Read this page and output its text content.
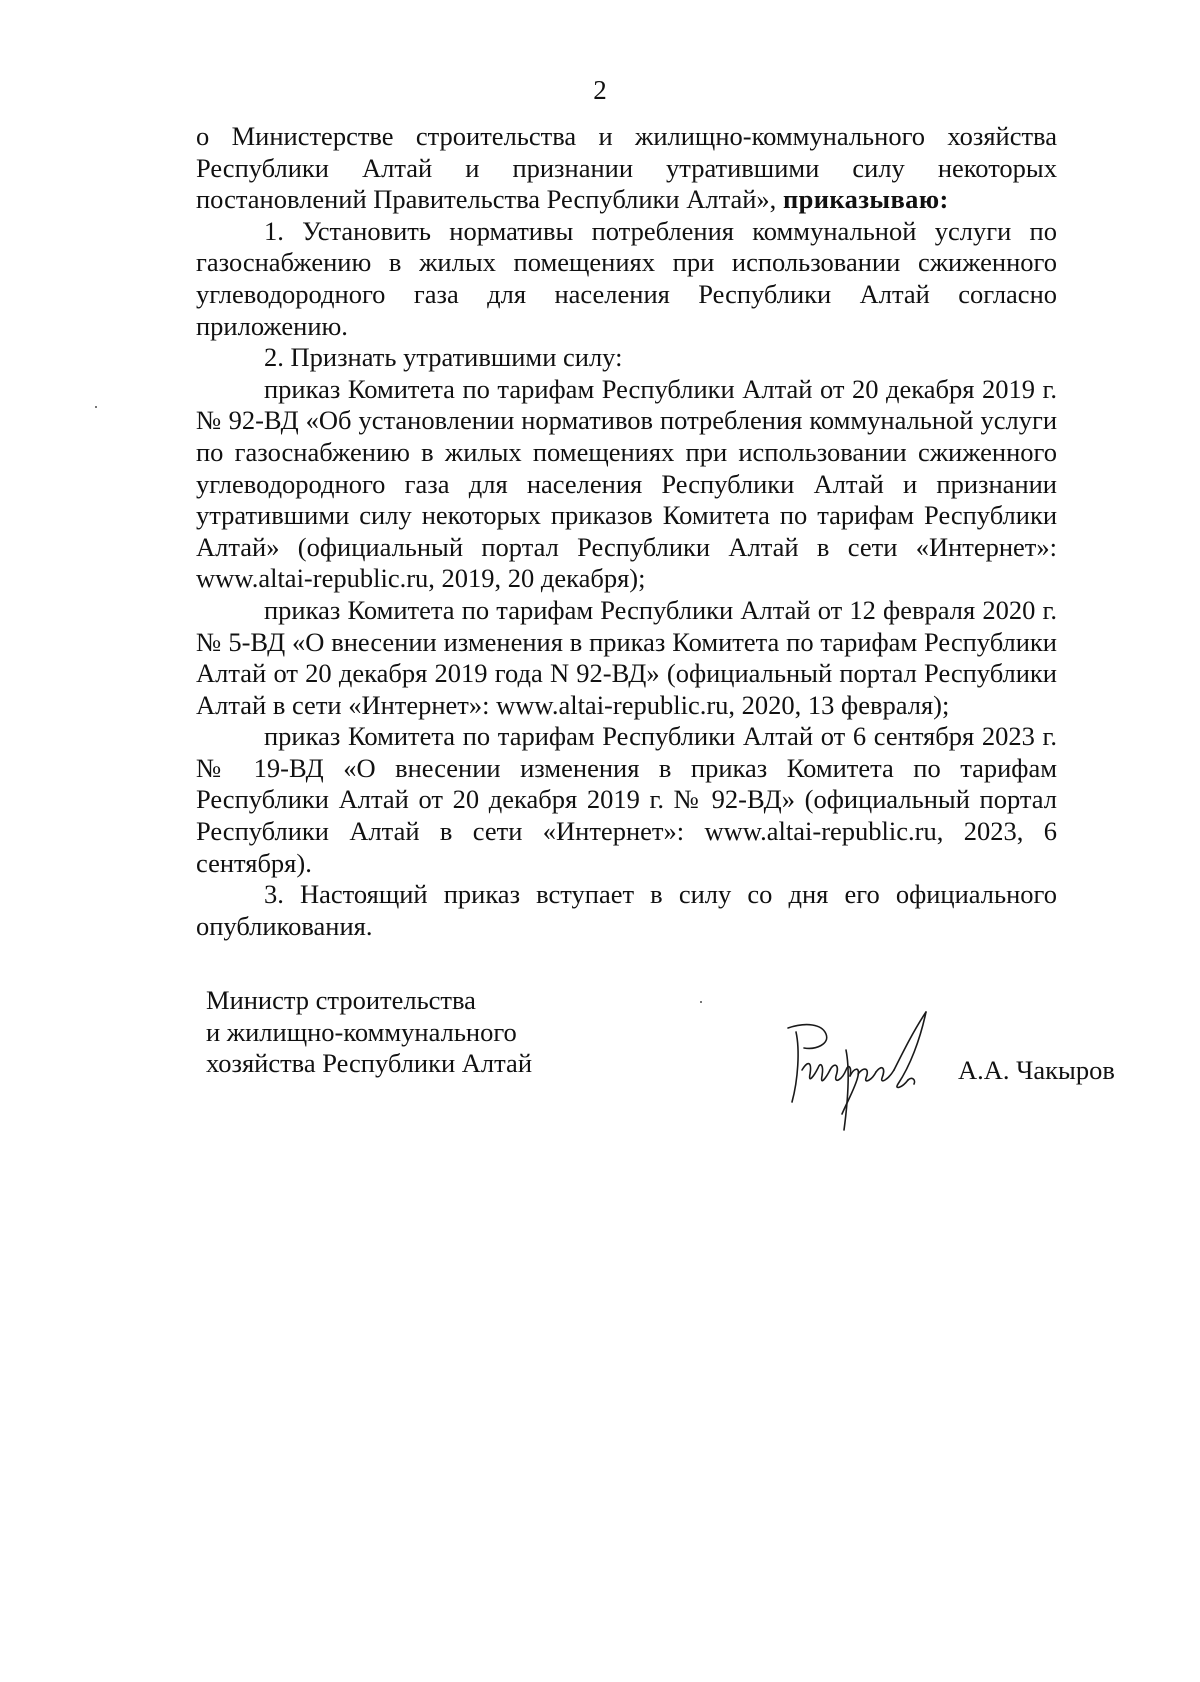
2

о Министерстве строительства и жилищно-коммунального хозяйства Республики Алтай и признании утратившими силу некоторых постановлений Правительства Республики Алтай», приказываю:

1. Установить нормативы потребления коммунальной услуги по газоснабжению в жилых помещениях при использовании сжиженного углеводородного газа для населения Республики Алтай согласно приложению.

2. Признать утратившими силу:

приказ Комитета по тарифам Республики Алтай от 20 декабря 2019 г. № 92-ВД «Об установлении нормативов потребления коммунальной услуги по газоснабжению в жилых помещениях при использовании сжиженного углеводородного газа для населения Республики Алтай и признании утратившими силу некоторых приказов Комитета по тарифам Республики Алтай» (официальный портал Республики Алтай в сети «Интернет»: www.altai-republic.ru, 2019, 20 декабря);

приказ Комитета по тарифам Республики Алтай от 12 февраля 2020 г. № 5-ВД «О внесении изменения в приказ Комитета по тарифам Республики Алтай от 20 декабря 2019 года N 92-ВД» (официальный портал Республики Алтай в сети «Интернет»: www.altai-republic.ru, 2020, 13 февраля);

приказ Комитета по тарифам Республики Алтай от 6 сентября 2023 г. № 19-ВД «О внесении изменения в приказ Комитета по тарифам Республики Алтай от 20 декабря 2019 г. № 92-ВД» (официальный портал Республики Алтай в сети «Интернет»: www.altai-republic.ru, 2023, 6 сентября).

3. Настоящий приказ вступает в силу со дня его официального опубликования.

Министр строительства
и жилищно-коммунального
хозяйства Республики Алтай	А.А. Чакыров
